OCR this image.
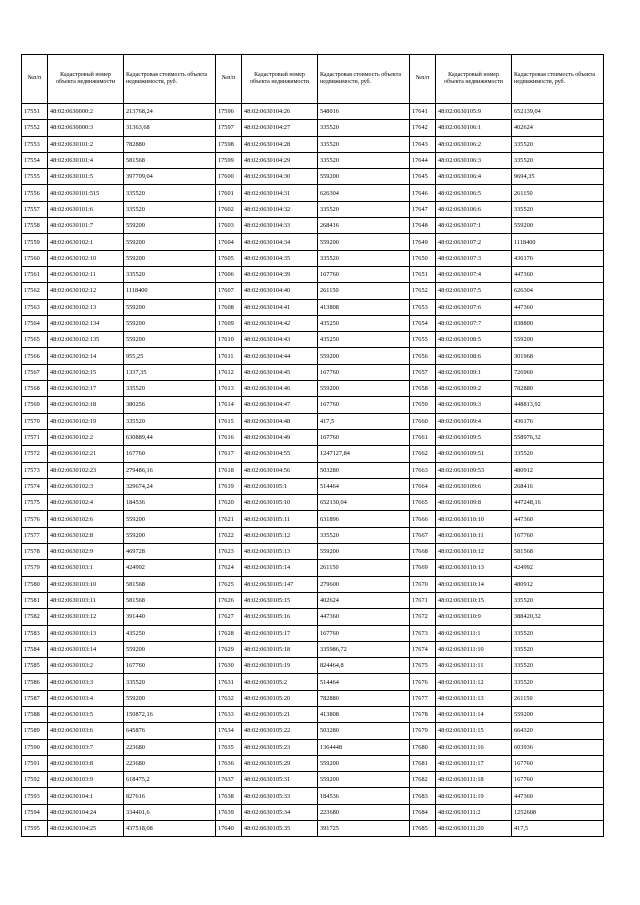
№п/п	Кадастровый номер объекта недвижимости	Кадастровая стоимость объекта недвижимости, руб.
17551	48:02:0630000:2	213768,24
17552	48:02:0630000:3	31363,68
17553	48:02:0630101:2	782880
17554	48:02:0630101:4	581568
17555	48:02:0630101:5	397709,04
17556	48:02:0630101:515	335520
17557	48:02:0630101:6	335520
17558	48:02:0630101:7	559200
17559	48:02:0630102:1	559200
17560	48:02:0630102:10	559200
17561	48:02:0630102:11	335520
17562	48:02:0630102:12	1118400
17563	48:02:0630102:13	559200
17564	48:02:0630102:134	559200
17565	48:02:0630102:135	559200
17566	48:02:0630102:14	955,25
17567	48:02:0630102:15	1337,35
17568	48:02:0630102:17	335520
17569	48:02:0630102:18	380256
17570	48:02:0630102:19	335520
17571	48:02:0630102:2	630889,44
17572	48:02:0630102:21	167760
17573	48:02:0630102:23	279486,16
17574	48:02:0630102:3	329674,24
17575	48:02:0630102:4	184536
17576	48:02:0630102:6	559200
17577	48:02:0630102:8	559200
17578	48:02:0630102:9	469728
17579	48:02:0630103:1	424992
17580	48:02:0630103:10	581568
17581	48:02:0630103:11	581568
17582	48:02:0630103:12	391440
17583	48:02:0630103:13	435250
17584	48:02:0630103:14	559200
17585	48:02:0630103:2	167760
17586	48:02:0630103:3	335520
17587	48:02:0630103:4	559200
17588	48:02:0630103:5	150872,16
17589	48:02:0630103:6	645876
17590	48:02:0630103:7	223680
17591	48:02:0630103:8	223680
17592	48:02:0630103:9	618475,2
17593	48:02:0630104:1	827616
17594	48:02:0630104:24	334401,6
17595	48:02:0630104:25	437518,08
№п/п	Кадастровый номер объекта недвижимости	Кадастровая стоимость объекта недвижимости, руб.
17596	48:02:0630104:26	548016
17597	48:02:0630104:27	335520
17598	48:02:0630104:28	335520
17599	48:02:0630104:29	335520
17600	48:02:0630104:30	559200
17601	48:02:0630104:31	626304
17602	48:02:0630104:32	335520
17603	48:02:0630104:33	268416
17604	48:02:0630104:34	559200
17605	48:02:0630104:35	335520
17606	48:02:0630104:39	167760
17607	48:02:0630104:40	261150
17608	48:02:0630104:41	413808
17609	48:02:0630104:42	435250
17610	48:02:0630104:43	435250
17611	48:02:0630104:44	559200
17612	48:02:0630104:45	167760
17613	48:02:0630104:46	559200
17614	48:02:0630104:47	167760
17615	48:02:0630104:48	417,5
17616	48:02:0630104:49	167760
17617	48:02:0630104:55	1247127,84
17618	48:02:0630104:56	503280
17619	48:02:0630105:1	514464
17620	48:02:0630105:10	652130,04
17621	48:02:0630105:11	631896
17622	48:02:0630105:12	335520
17623	48:02:0630105:13	559200
17624	48:02:0630105:14	261150
17625	48:02:0630105:147	279600
17626	48:02:0630105:15	402624
17627	48:02:0630105:16	447360
17628	48:02:0630105:17	167760
17629	48:02:0630105:18	335986,72
17630	48:02:0630105:19	824464,8
17631	48:02:0630105:2	514464
17632	48:02:0630105:20	782880
17633	48:02:0630105:21	413808
17634	48:02:0630105:22	503280
17635	48:02:0630105:23	1364448
17636	48:02:0630105:29	559200
17637	48:02:0630105:31	559200
17638	48:02:0630105:33	184536
17639	48:02:0630105:34	223680
17640	48:02:0630105:35	391725
№п/п	Кадастровый номер объекта недвижимости	Кадастровая стоимость объекта недвижимости, руб.
17641	48:02:0630105:9	652139,04
17642	48:02:0630106:1	402624
17643	48:02:0630106:2	335520
17644	48:02:0630106:3	335520
17645	48:02:0630106:4	9694,35
17646	48:02:0630106:5	261150
17647	48:02:0630106:6	335520
17648	48:02:0630107:1	559200
17649	48:02:0630107:2	1118400
17650	48:02:0630107:3	436176
17651	48:02:0630107:4	447360
17652	48:02:0630107:5	626304
17653	48:02:0630107:6	447360
17654	48:02:0630107:7	838800
17655	48:02:0630108:5	559200
17656	48:02:0630108:6	301968
17657	48:02:0630109:1	726960
17658	48:02:0630109:2	782880
17659	48:02:0630109:3	448813,92
17660	48:02:0630109:4	436176
17661	48:02:0630109:5	558976,32
17662	48:02:0630109:51	335520
17663	48:02:0630109:53	480912
17664	48:02:0630109:6	268416
17665	48:02:0630109:8	447248,16
17666	48:02:0630110:10	447360
17667	48:02:0630110:11	167760
17668	48:02:0630110:12	581568
17669	48:02:0630110:13	424992
17670	48:02:0630110:14	480912
17671	48:02:0630110:15	335520
17672	48:02:0630110:9	388420,32
17673	48:02:0630111:1	335520
17674	48:02:0630111:10	335520
17675	48:02:0630111:11	335520
17676	48:02:0630111:12	335520
17677	48:02:0630111:13	261150
17678	48:02:0630111:14	559200
17679	48:02:0630111:15	664320
17680	48:02:0630111:16	603936
17681	48:02:0630111:17	167760
17682	48:02:0630111:18	167760
17683	48:02:0630111:19	447360
17684	48:02:0630111:2	1252608
17685	48:02:0630111:20	417,5
